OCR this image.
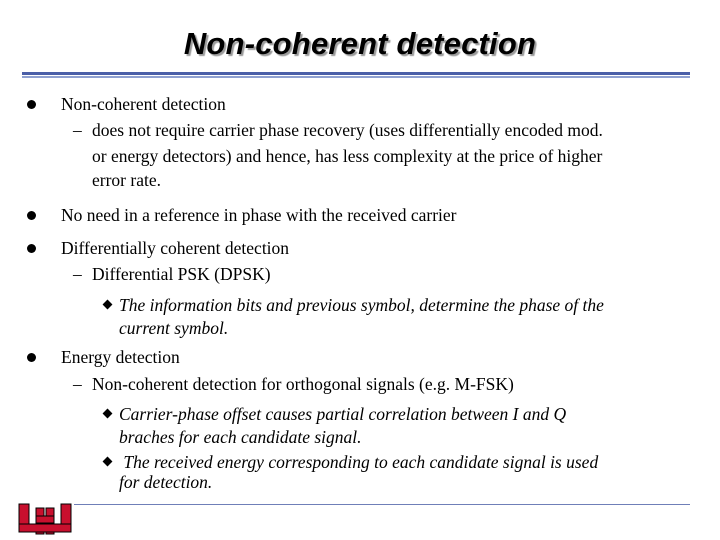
Non-coherent detection
Non-coherent detection
– does not require carrier phase recovery (uses differentially encoded mod.
or energy detectors) and hence, has less complexity at the price of higher
error rate.
No need in a reference in phase with the received carrier
Differentially coherent detection
– Differential PSK (DPSK)
The information bits and previous symbol, determine the phase of the
current symbol.
Energy detection
– Non-coherent detection for orthogonal signals (e.g. M-FSK)
Carrier-phase offset causes partial correlation between I and Q
braches for each candidate signal.
The received energy corresponding to each candidate signal is used
for detection.
